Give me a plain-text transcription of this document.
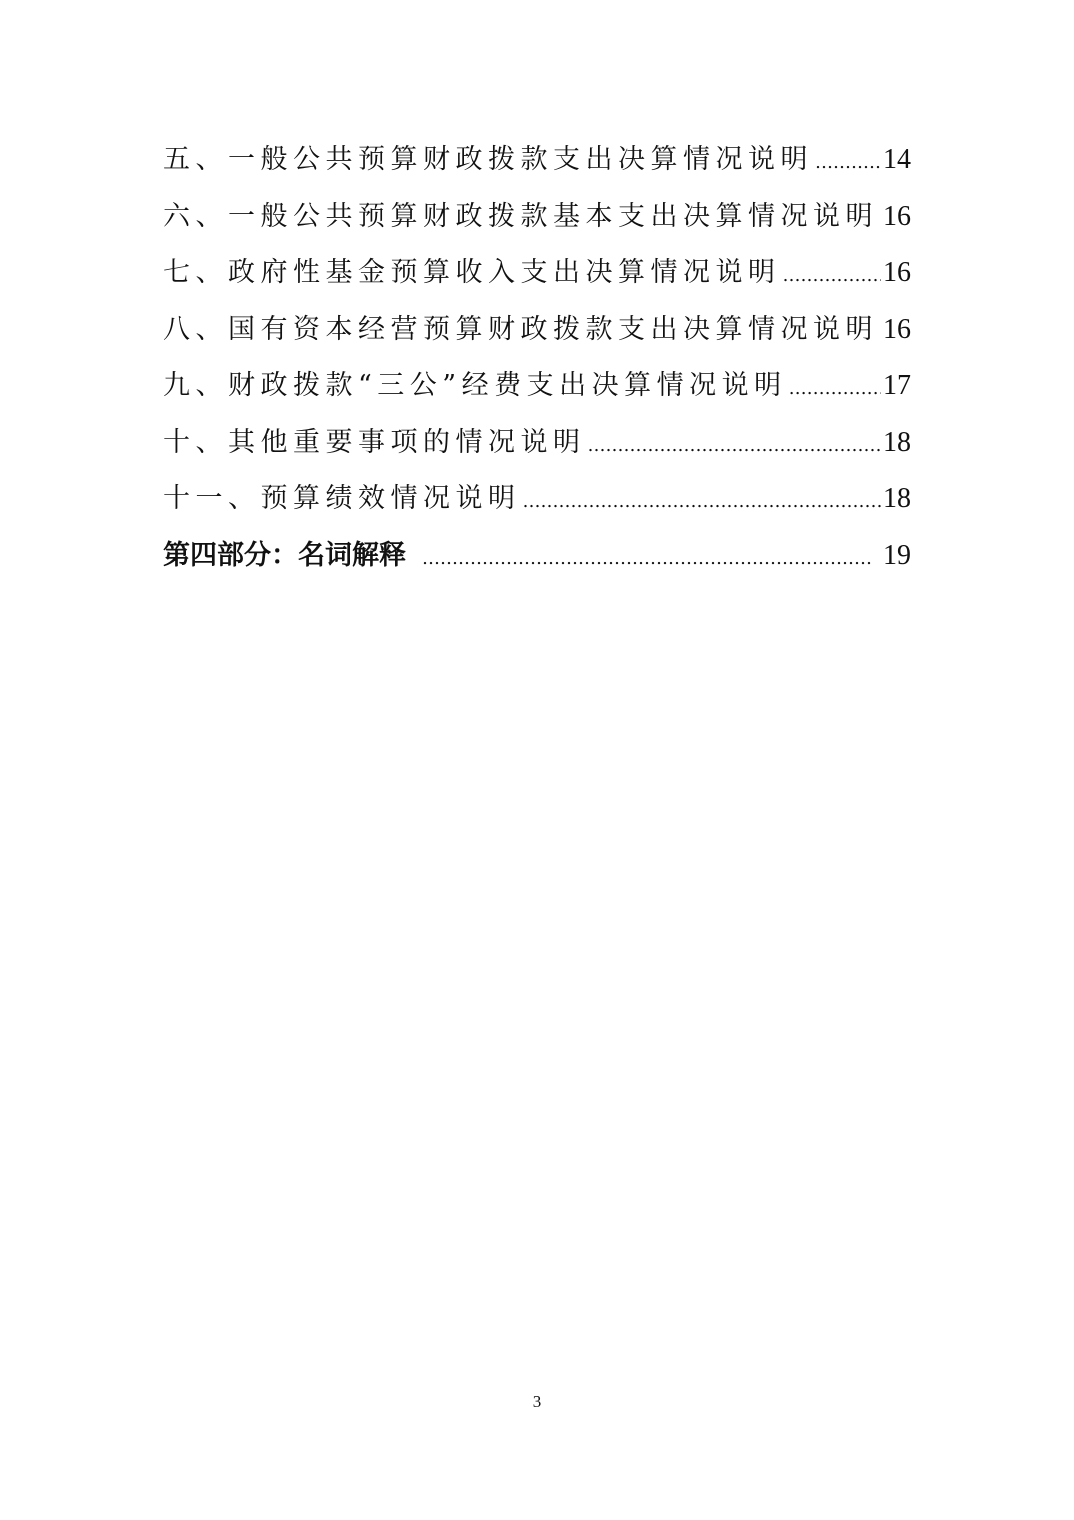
五、一般公共预算财政拨款支出决算情况说明 ……………………………………………………………………………………………………………………………………………………	14
六、一般公共预算财政拨款基本支出决算情况说明 …………………………………………………………………………………………………………………………………………………… 16
七、政府性基金预算收入支出决算情况说明 ……………………………………………………………………………………………………………………………………………………	16
八、国有资本经营预算财政拨款支出决算情况说明 …………………………………………………………………………………………………………………………………………………… 16
九、财政拨款“三公”经费支出决算情况说明 ……………………………………………………………………………………………………………………………………………………	17
十、其他重要事项的情况说明 ……………………………………………………………………………………………………………………………………………………	18
十一、预算绩效情况说明 ……………………………………………………………………………………………………………………………………………………	18
第四部分：名词解释 ……………………………………………………………………………………………………………………………………………………	19
3
